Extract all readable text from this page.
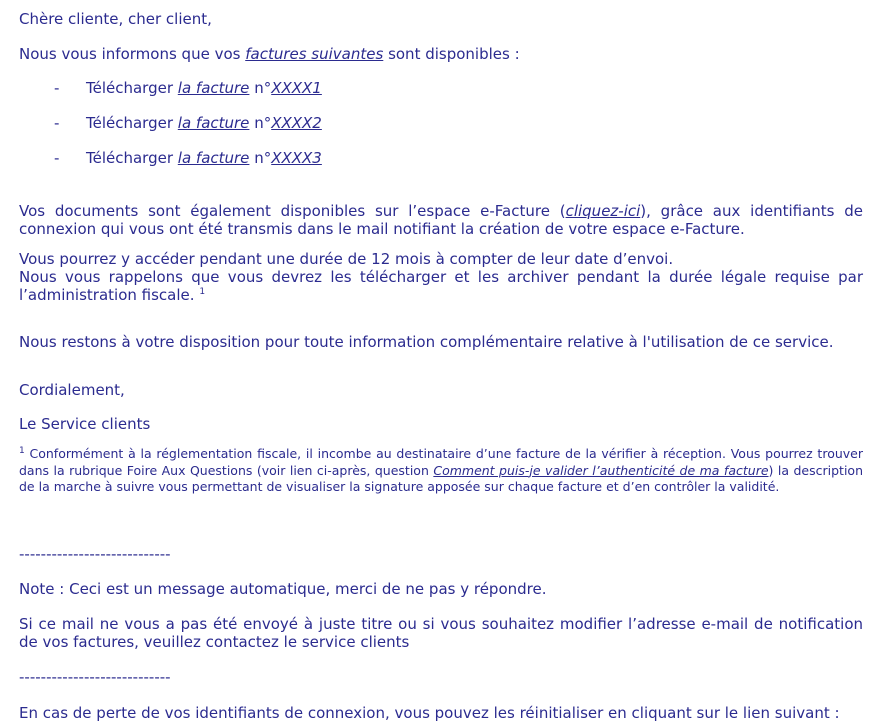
Chère cliente, cher client,

Nous vous informons que vos factures suivantes sont disponibles :

- Télécharger la facture n°XXXX1
- Télécharger la facture n°XXXX2
- Télécharger la facture n°XXXX3

Vos documents sont également disponibles sur l’espace e-Facture (cliquez-ici), grâce aux identifiants de connexion qui vous ont été transmis dans le mail notifiant la création de votre espace e-Facture.

Vous pourrez y accéder pendant une durée de 12 mois à compter de leur date d’envoi.
Nous vous rappelons que vous devrez les télécharger et les archiver pendant la durée légale requise par l’administration fiscale. $^1$

Nous restons à votre disposition pour toute information complémentaire relative à l'utilisation de ce service.

Cordialement,

Le Service clients

$^1$ Conformément à la réglementation fiscale, il incombe au destinataire d’une facture de la vérifier à réception. Vous pourrez trouver dans la rubrique Foire Aux Questions (voir lien ci-après, question Comment puis-je valider l’authenticité de ma facture) la description de la marche à suivre vous permettant de visualiser la signature apposée sur chaque facture et d’en contrôler la validité.

----------------------------

Note : Ceci est un message automatique, merci de ne pas y répondre.

Si ce mail ne vous a pas été envoyé à juste titre ou si vous souhaitez modifier l’adresse e-mail de notification de vos factures, veuillez contactez le service clients

----------------------------

En cas de perte de vos identifiants de connexion, vous pouvez les réinitialiser en cliquant sur le lien suivant :
